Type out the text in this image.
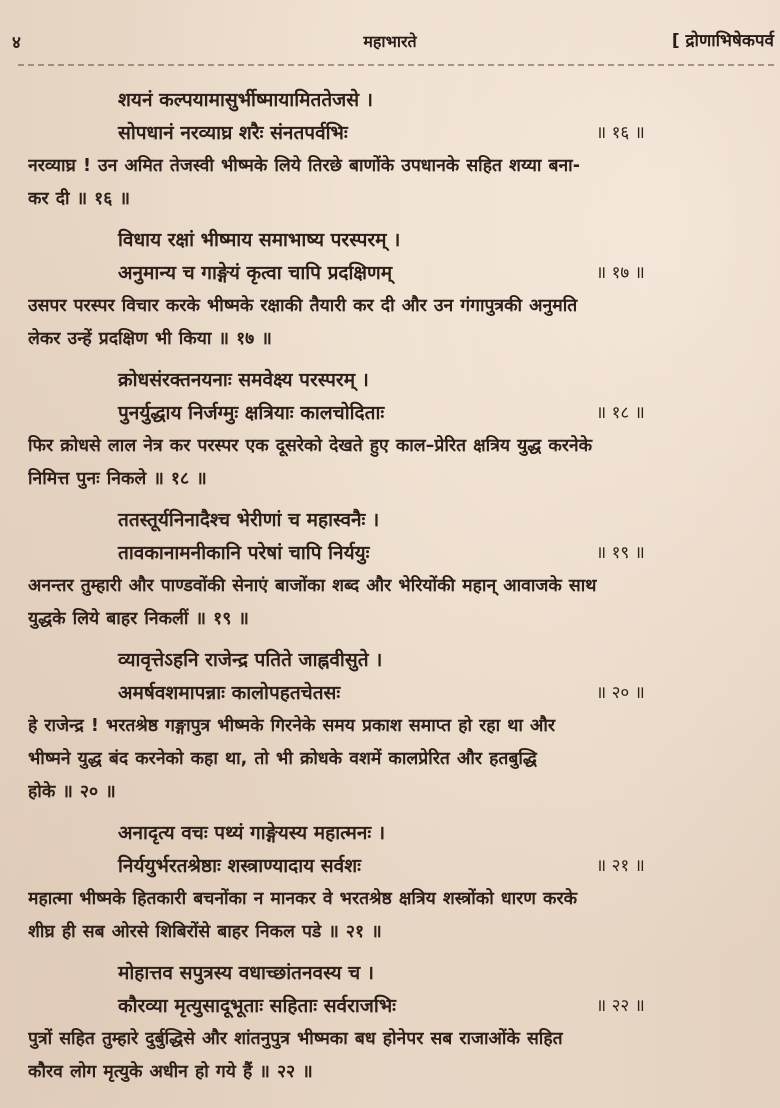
४	महाभारते	[ द्रोणाभिषेकपर्व
शयनं कल्पयामासुर्भीष्मायामिततेजसे ।
सोपधानं नरव्याघ्र शरैः संनतपर्वभिः	॥ १६ ॥
नरव्याघ्र ! उन अमित तेजस्वी भीष्मके लिये तिरछे बाणोंके उपधानके सहित शय्या बना-
कर दी ॥ १६ ॥
विधाय रक्षां भीष्माय समाभाष्य परस्परम् ।
अनुमान्य च गाङ्गेयं कृत्वा चापि प्रदक्षिणम्	॥ १७ ॥
उसपर परस्पर विचार करके भीष्मके रक्षाकी तैयारी कर दी और उन गंगापुत्रकी अनुमति
लेकर उन्हें प्रदक्षिण भी किया ॥ १७ ॥
क्रोधसंरक्तनयनाः समवेक्ष्य परस्परम् ।
पुनर्युद्धाय निर्जग्मुः क्षत्रियाः कालचोदिताः	॥ १८ ॥
फिर क्रोधसे लाल नेत्र कर परस्पर एक दूसरेको देखते हुए काल–प्रेरित क्षत्रिय युद्ध करनेके
निमित्त पुनः निकले ॥ १८ ॥
ततस्तूर्यनिनादैश्च भेरीणां च महास्वनैः ।
तावकानामनीकानि परेषां चापि निर्ययुः	॥ १९ ॥
अनन्तर तुम्हारी और पाण्डवोंकी सेनाएं बाजोंका शब्द और भेरियोंकी महान् आवाजके साथ
युद्धके लिये बाहर निकलीं ॥ १९ ॥
व्यावृत्तेऽहनि राजेन्द्र पतिते जाह्नवीसुते ।
अमर्षवशमापन्नाः कालोपहतचेतसः	॥ २० ॥
हे राजेन्द्र ! भरतश्रेष्ठ गङ्गापुत्र भीष्मके गिरनेके समय प्रकाश समाप्त हो रहा था और
भीष्मने युद्ध बंद करनेको कहा था, तो भी क्रोधके वशमें कालप्रेरित और हतबुद्धि
होके ॥ २० ॥
अनादृत्य वचः पथ्यं गाङ्गेयस्य महात्मनः ।
निर्ययुर्भरतश्रेष्ठाः शस्त्राण्यादाय सर्वशः	॥ २१ ॥
महात्मा भीष्मके हितकारी बचनोंका न मानकर वे भरतश्रेष्ठ क्षत्रिय शस्त्रोंको धारण करके
शीघ्र ही सब ओरसे शिबिरोंसे बाहर निकल पडे ॥ २१ ॥
मोहात्तव सपुत्रस्य वधाच्छांतनवस्य च ।
कौरव्या मृत्युसादूभूताः सहिताः सर्वराजभिः	॥ २२ ॥
पुत्रों सहित तुम्हारे दुर्बुद्धिसे और शांतनुपुत्र भीष्मका बध होनेपर सब राजाओंके सहित
कौरव लोग मृत्युके अधीन हो गये हैं ॥ २२ ॥
